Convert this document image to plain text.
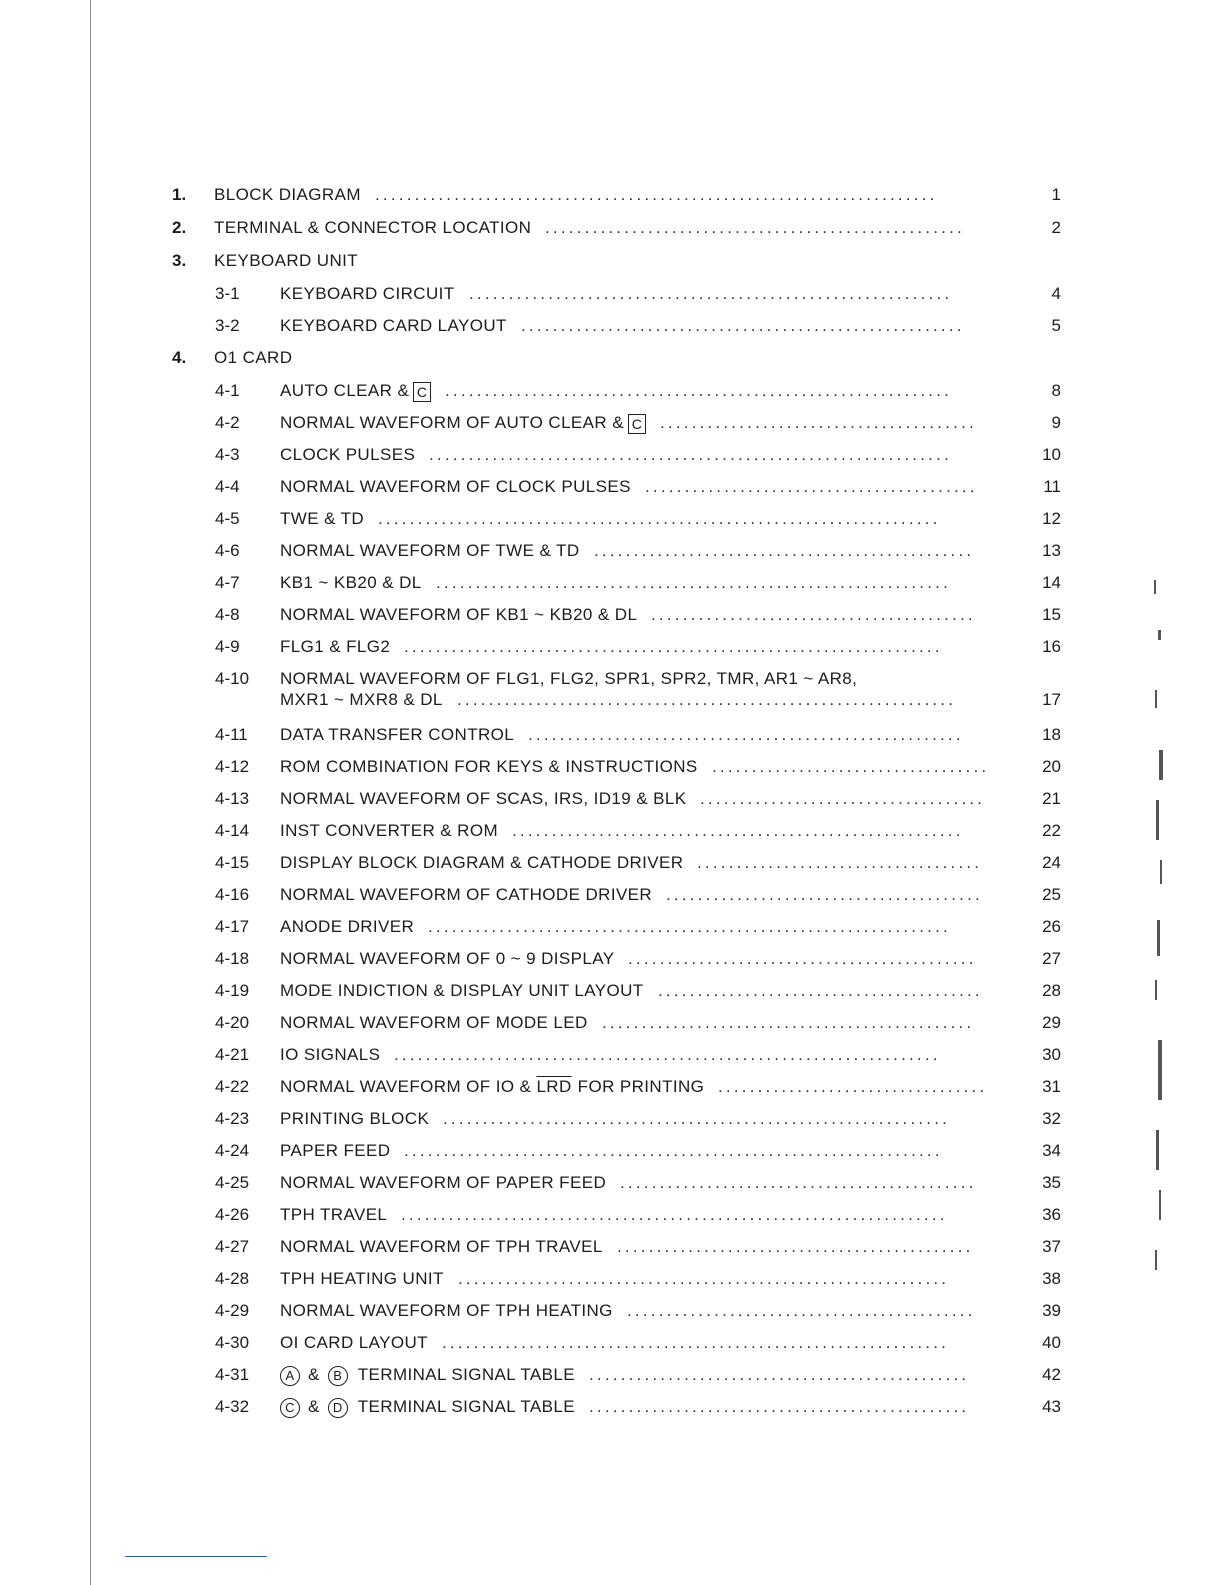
1. BLOCK DIAGRAM .......................................................................	1
2. TERMINAL & CONNECTOR LOCATION .....................................................	2
3. KEYBOARD UNIT
3-1 KEYBOARD CIRCUIT .............................................................	4
3-2 KEYBOARD CARD LAYOUT ........................................................	5
4. O1 CARD
4-1 AUTO CLEAR & C ................................................................	8
4-2 NORMAL WAVEFORM OF AUTO CLEAR & C ........................................	9
4-3 CLOCK PULSES ..................................................................	10
4-4 NORMAL WAVEFORM OF CLOCK PULSES ..........................................	11
4-5 TWE & TD .......................................................................	12
4-6 NORMAL WAVEFORM OF TWE & TD ................................................	13
4-7 KB1 ~ KB20 & DL .................................................................	14
4-8 NORMAL WAVEFORM OF KB1 ~ KB20 & DL .........................................	15
4-9 FLG1 & FLG2 ....................................................................	16
4-10 NORMAL WAVEFORM OF FLG1, FLG2, SPR1, SPR2, TMR, AR1 ~ AR8,
MXR1 ~ MXR8 & DL ...............................................................	17
4-11 DATA TRANSFER CONTROL .......................................................	18
4-12 ROM COMBINATION FOR KEYS & INSTRUCTIONS ...................................	20
4-13 NORMAL WAVEFORM OF SCAS, IRS, ID19 & BLK ....................................	21
4-14 INST CONVERTER & ROM .........................................................	22
4-15 DISPLAY BLOCK DIAGRAM & CATHODE DRIVER ....................................	24
4-16 NORMAL WAVEFORM OF CATHODE DRIVER ........................................	25
4-17 ANODE DRIVER ..................................................................	26
4-18 NORMAL WAVEFORM OF 0 ~ 9 DISPLAY ............................................	27
4-19 MODE INDICTION & DISPLAY UNIT LAYOUT .........................................	28
4-20 NORMAL WAVEFORM OF MODE LED ...............................................	29
4-21 IO SIGNALS .....................................................................	30
4-22 NORMAL WAVEFORM OF IO & $\overline{LRD}$ FOR PRINTING ..................................	31
4-23 PRINTING BLOCK ................................................................	32
4-24 PAPER FEED ....................................................................	34
4-25 NORMAL WAVEFORM OF PAPER FEED .............................................	35
4-26 TPH TRAVEL .....................................................................	36
4-27 NORMAL WAVEFORM OF TPH TRAVEL .............................................	37
4-28 TPH HEATING UNIT ..............................................................	38
4-29 NORMAL WAVEFORM OF TPH HEATING ............................................	39
4-30 OI CARD LAYOUT ................................................................	40
4-31	A & B TERMINAL SIGNAL TABLE ................................................	42
4-32	C & D TERMINAL SIGNAL TABLE ................................................	43
